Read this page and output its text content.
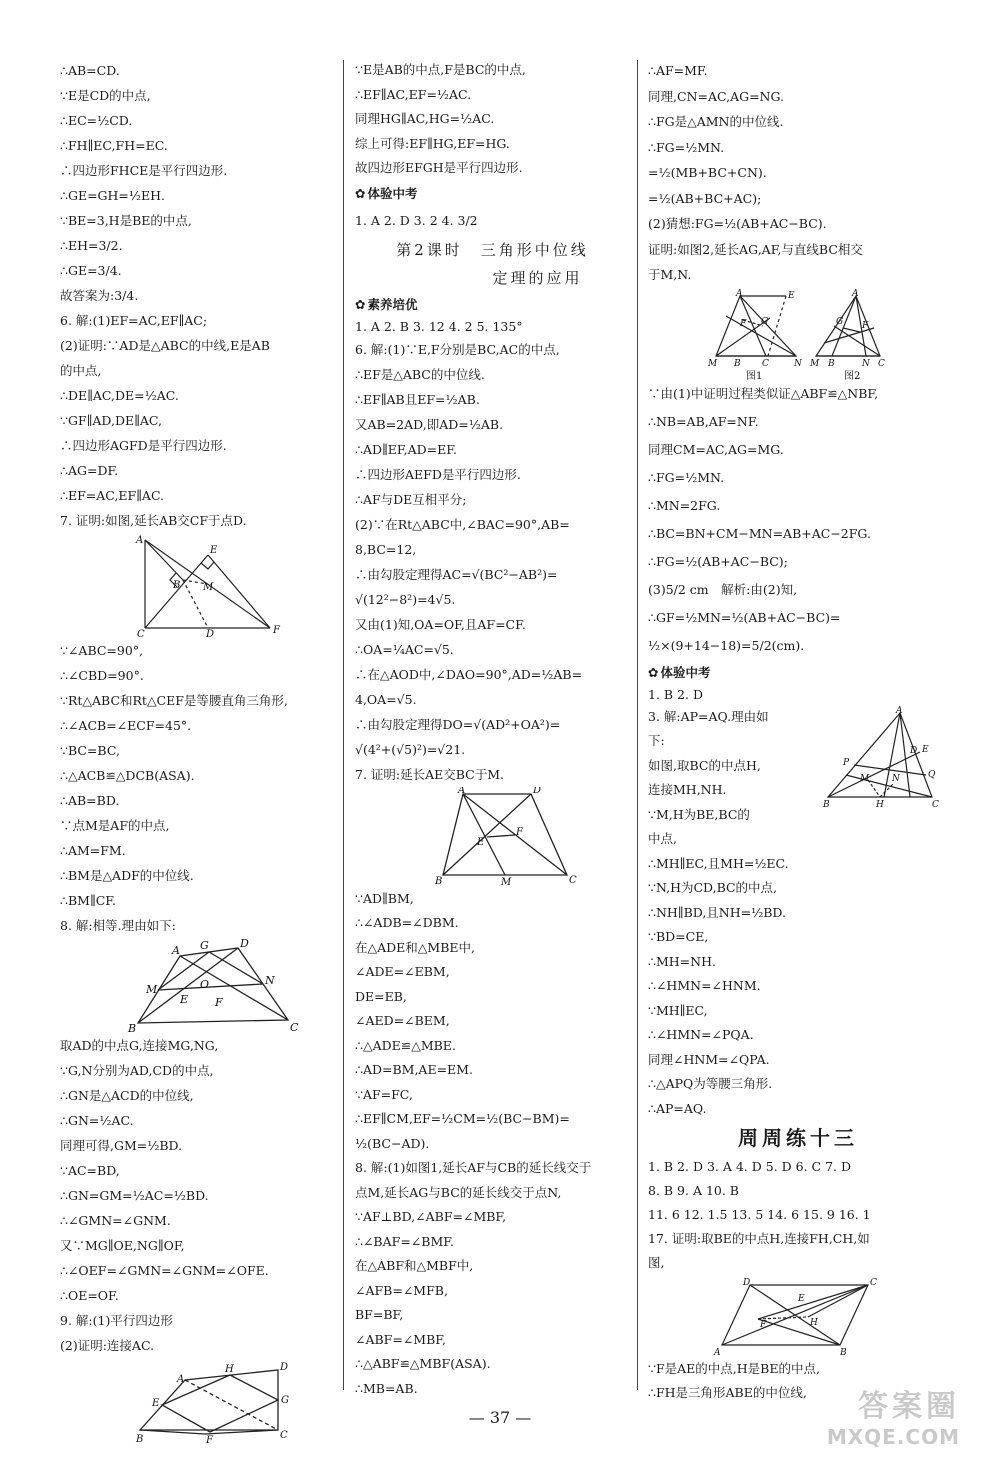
∴AB=CD.
∵E是CD的中点,
∴EC=½CD.
∴FH∥EC,FH=EC.
∴四边形FHCE是平行四边形.
∴GE=GH=½EH.
∵BE=3,H是BE的中点,
∴EH=3/2.
∴GE=3/4.
故答案为:3/4.
6. 解:(1)EF=AC,EF∥AC;
(2)证明:∵AD是△ABC的中线,E是AB
的中点,
∴DE∥AC,DE=½AC.
∵GF∥AD,DE∥AC,
∴四边形AGFD是平行四边形.
∴AG=DF.
∴EF=AC,EF∥AC.
7. 证明:如图,延长AB交CF于点D.
A
B
C	D
E
F
M
∵∠ABC=90°,
∴∠CBD=90°.
∵Rt△ABC和Rt△CEF是等腰直角三角形,
∴∠ACB=∠ECF=45°.
∵BC=BC,
∴△ACB≌△DCB(ASA).
∴AB=BD.
∵点M是AF的中点,
∴AM=FM.
∴BM是△ADF的中位线.
∴BM∥CF.
8. 解:相等.理由如下:
A G	D
M	O	N
E F
B	C
取AD的中点G,连接MG,NG,
∵G,N分别为AD,CD的中点,
∴GN是△ACD的中位线,
∴GN=½AC.
同理可得,GM=½BD.
∵AC=BD,
∴GN=GM=½AC=½BD.
∴∠GMN=∠GNM.
又∵MG∥OE,NG∥OF,
∴∠OEF=∠GMN=∠GNM=∠OFE.
∴OE=OF.
9. 解:(1)平行四边形
(2)证明:连接AC.
A
H	D
E	G
B	F	C
∵E是AB的中点,F是BC的中点,
∴EF∥AC,EF=½AC.
同理HG∥AC,HG=½AC.
综上可得:EF∥HG,EF=HG.
故四边形EFGH是平行四边形.
✿ 体验中考
1. A 2. D 3. 2 4. 3/2
第2课时　三角形中位线
定理的应用
✿ 素养培优
1. A 2. B 3. 12 4. 2 5. 135°
6. 解:(1)∵E,F分别是BC,AC的中点,
∴EF是△ABC的中位线.
∴EF∥AB且EF=½AB.
又AB=2AD,即AD=½AB.
∴AD∥EF,AD=EF.
∴四边形AEFD是平行四边形.
∴AF与DE互相平分;
(2)∵在Rt△ABC中,∠BAC=90°,AB=
8,BC=12,
∴由勾股定理得AC=√(BC²−AB²)=
√(12²−8²)=4√5.
又由(1)知,OA=OF,且AF=CF.
∴OA=¼AC=√5.
∴在△AOD中,∠DAO=90°,AD=½AB=
4,OA=√5.
∴由勾股定理得DO=√(AD²+OA²)=
√(4²+(√5)²)=√21.
7. 证明:延长AE交BC于M.
A	D
E
F
B	M	C
∵AD∥BM,
∴∠ADB=∠DBM.
在△ADE和△MBE中,
∠ADE=∠EBM,
DE=EB,
∠AED=∠BEM,
∴△ADE≌△MBE.
∴AD=BM,AE=EM.
∵AF=FC,
∴EF∥CM,EF=½CM=½(BC−BM)=
½(BC−AD).
8. 解:(1)如图1,延长AF与CB的延长线交于
点M,延长AG与BC的延长线交于点N,
∵AF⊥BD,∠ABF=∠MBF,
∴∠BAF=∠BMF.
在△ABF和△MBF中,
∠AFB=∠MFB,
BF=BF,
∠ABF=∠MBF,
∴△ABF≌△MBF(ASA).
∴MB=AB.
∴AF=MF.
同理,CN=AC,AG=NG.
∴FG是△AMN的中位线.
∴FG=½MN.
=½(MB+BC+CN).
=½(AB+BC+AC);
(2)猜想:FG=½(AB+AC−BC).
证明:如图2,延长AG,AF,与直线BC相交
于M,N.
A	E
F G
M B C	N
A
G F
M B	N C
图1	图2
∵由(1)中证明过程类似证△ABF≌△NBF,
∴NB=AB,AF=NF.
同理CM=AC,AG=MG.
∴FG=½MN.
∴MN=2FG.
∴BC=BN+CM−MN=AB+AC−2FG.
∴FG=½(AB+AC−BC);
(3)5/2 cm　解析:由(2)知,
∴GF=½MN=½(AB+AC−BC)=
½×(9+14−18)=5/2(cm).
✿ 体验中考
1. B 2. D
3. 解:AP=AQ.理由如
下:
如图,取BC的中点H,
连接MH,NH.
∵M,H为BE,BC的
中点,
∴MH∥EC,且MH=½EC.
∵N,H为CD,BC的中点,
∴NH∥BD,且NH=½BD.
∵BD=CE,
∴MH=NH.
∴∠HMN=∠HNM.
∵MH∥EC,
∴∠HMN=∠PQA.
同理∠HNM=∠QPA.
∴△APQ为等腰三角形.
∴AP=AQ.
A
D E
P
M	N	Q
B	H	C
周周练十三
1. B 2. D 3. A 4. D 5. D 6. C 7. D
8. B 9. A 10. B
11. 6 12. 1.5 13. 5 14. 6 15. 9 16. 1
17. 证明:取BE的中点H,连接FH,CH,如
图,
D	C
E
F	H
A	B
∵F是AE的中点,H是BE的中点,
∴FH是三角形ABE的中位线,
— 37 —	答案圈
MXQE.COM
